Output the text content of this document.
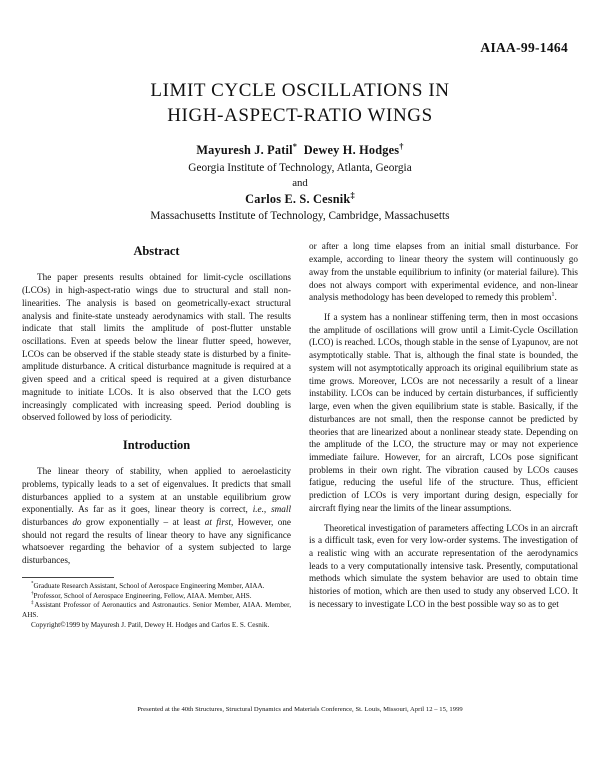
AIAA-99-1464
LIMIT CYCLE OSCILLATIONS IN
HIGH-ASPECT-RATIO WINGS
Mayuresh J. Patil* Dewey H. Hodges†
Georgia Institute of Technology, Atlanta, Georgia
and
Carlos E. S. Cesnik‡
Massachusetts Institute of Technology, Cambridge, Massachusetts
Abstract

The paper presents results obtained for limit-cycle oscillations (LCOs) in high-aspect-ratio wings due to structural and stall non-linearities. The analysis is based on geometrically-exact structural analysis and finite-state unsteady aerodynamics with stall. The results indicate that stall limits the amplitude of post-flutter unstable oscillations. Even at speeds below the linear flutter speed, however, LCOs can be observed if the stable steady state is disturbed by a finite-amplitude disturbance. A critical disturbance magnitude is required at a given speed and a critical speed is required at a given disturbance magnitude to initiate LCOs. It is also observed that the LCO gets increasingly complicated with increasing speed. Period doubling is observed followed by loss of periodicity.

Introduction

The linear theory of stability, when applied to aeroelasticity problems, typically leads to a set of eigenvalues. It predicts that small disturbances applied to a system at an unstable equilibrium grow exponentially. As far as it goes, linear theory is correct, i.e., small disturbances do grow exponentially – at least at first, However, one should not regard the results of linear theory to have any significance whatsoever regarding the behavior of a system subjected to large disturbances,

*Graduate Research Assistant, School of Aerospace Engineering Member, AIAA.

†Professor, School of Aerospace Engineering, Fellow, AIAA. Member, AHS.

‡Assistant Professor of Aeronautics and Astronautics. Senior Member, AIAA. Member, AHS.

Copyright©1999 by Mayuresh J. Patil, Dewey H. Hodges and Carlos E. S. Cesnik.

or after a long time elapses from an initial small disturbance. For example, according to linear theory the system will continuously go away from the unstable equilibrium to infinity (or material failure). This does not always comport with experimental evidence, and non-linear analysis methodology has been developed to remedy this problem$^1$.

If a system has a nonlinear stiffening term, then in most occasions the amplitude of oscillations will grow until a Limit-Cycle Oscillation (LCO) is reached. LCOs, though stable in the sense of Lyapunov, are not asymptotically stable. That is, although the final state is bounded, the system will not asymptotically approach its original equilibrium state as time grows. Moreover, LCOs are not necessarily a result of a linear instability. LCOs can be induced by certain disturbances, if sufficiently large, even when the given equilibrium state is stable. Basically, if the disturbances are not small, then the response cannot be predicted by theories that are linearized about a nonlinear steady state. Depending on the amplitude of the LCO, the structure may or may not experience immediate failure. However, for an aircraft, LCOs pose significant problems in their own right. The vibration caused by LCOs causes fatigue, reducing the useful life of the structure. Thus, efficient prediction of LCOs is very important during design, especially for aircraft flying near the limits of the linear assumptions.

Theoretical investigation of parameters affecting LCOs in an aircraft is a difficult task, even for very low-order systems. The investigation of a realistic wing with an accurate representation of the aerodynamics leads to a very computationally intensive task. Presently, computational methods which simulate the system behavior are used to obtain time histories of motion, which are then used to study any observed LCO. It is necessary to investigate LCO in the best possible way so as to get

Presented at the 40th Structures, Structural Dynamics and Materials Conference, St. Louis, Missouri, April 12 – 15, 1999
